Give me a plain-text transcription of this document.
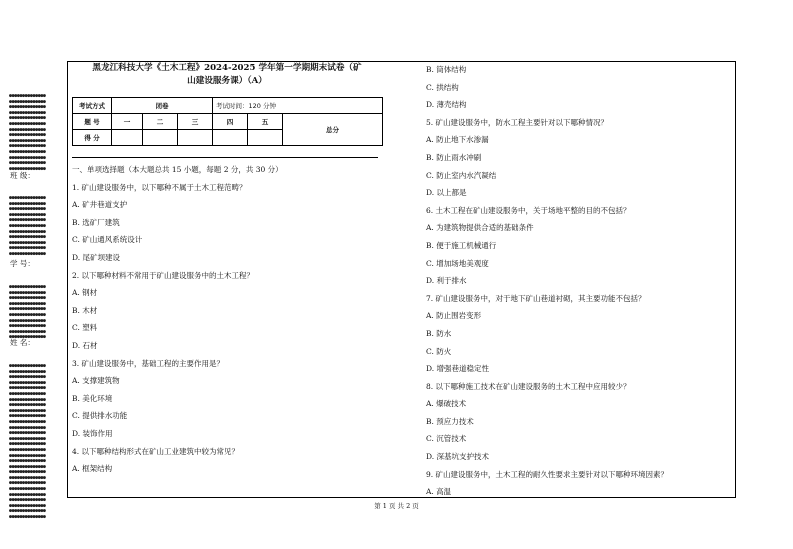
●●●●●●●●●●●●●●
●●●●●●●●●●●●●●
●●●●●●●●●●●●●●
●●●●●●●●●●●●●●
●●●●●●●●●●●●●●
●●●●●●●●●●●●●●
●●●●●●●●●●●●●●
●●●●●●●●●●●●●●
●●●●●●●●●●●●●●
●●●●●●●●●●●●●●
●●●●●●●●●●●●●●
●●●●●●●●●●●●●●
●●●●●●●●●●●●●●
●●●●●●●●●●●●●●
班 级：
●●●●●●●●●●●●●●
●●●●●●●●●●●●●●
●●●●●●●●●●●●●●
●●●●●●●●●●●●●●
●●●●●●●●●●●●●●
●●●●●●●●●●●●●●
●●●●●●●●●●●●●●
●●●●●●●●●●●●●●
●●●●●●●●●●●●●●
●●●●●●●●●●●●●●
●●●●●●●●●●●●●●
学 号：
●●●●●●●●●●●●●●
●●●●●●●●●●●●●●
●●●●●●●●●●●●●●
●●●●●●●●●●●●●●
●●●●●●●●●●●●●●
●●●●●●●●●●●●●●
●●●●●●●●●●●●●●
●●●●●●●●●●●●●●
●●●●●●●●●●●●●●
●●●●●●●●●●●●●●
姓 名：
●●●●●●●●●●●●●●
●●●●●●●●●●●●●●
●●●●●●●●●●●●●●
●●●●●●●●●●●●●●
●●●●●●●●●●●●●●
●●●●●●●●●●●●●●
●●●●●●●●●●●●●●
●●●●●●●●●●●●●●
●●●●●●●●●●●●●●
●●●●●●●●●●●●●●
●●●●●●●●●●●●●●
●●●●●●●●●●●●●●
●●●●●●●●●●●●●●
●●●●●●●●●●●●●●
●●●●●●●●●●●●●●
●●●●●●●●●●●●●●
●●●●●●●●●●●●●●
●●●●●●●●●●●●●●
●●●●●●●●●●●●●●
●●●●●●●●●●●●●●
●●●●●●●●●●●●●●
●●●●●●●●●●●●●●
●●●●●●●●●●●●●●
●●●●●●●●●●●●●●
●●●●●●●●●●●●●●
●●●●●●●●●●●●●●
●●●●●●●●●●●●●●
●●●●●●●●●●●●●●
黑龙江科技大学《土木工程》2024-2025 学年第一学期期末试卷（矿
山建设服务课）（A）
考试方式	闭卷			考试时间：120 分钟		
题 号	一	二	三	四	五	总分
得 分						
一、单项选择题（本大题总共 15 小题，每题 2 分，共 30 分）
1. 矿山建设服务中，以下哪种不属于土木工程范畴？
A. 矿井巷道支护
B. 选矿厂建筑
C. 矿山通风系统设计
D. 尾矿坝建设
2. 以下哪种材料不常用于矿山建设服务中的土木工程？
A. 钢材
B. 木材
C. 塑料
D. 石材
3. 矿山建设服务中，基础工程的主要作用是？
A. 支撑建筑物
B. 美化环境
C. 提供排水功能
D. 装饰作用
4. 以下哪种结构形式在矿山工业建筑中较为常见？
A. 框架结构
B. 筒体结构
C. 拱结构
D. 薄壳结构
5. 矿山建设服务中，防水工程主要针对以下哪种情况？
A. 防止地下水渗漏
B. 防止雨水冲刷
C. 防止室内水汽凝结
D. 以上都是
6. 土木工程在矿山建设服务中，关于场地平整的目的不包括？
A. 为建筑物提供合适的基础条件
B. 便于施工机械通行
C. 增加场地美观度
D. 利于排水
7. 矿山建设服务中，对于地下矿山巷道衬砌，其主要功能不包括？
A. 防止围岩变形
B. 防水
C. 防火
D. 增强巷道稳定性
8. 以下哪种施工技术在矿山建设服务的土木工程中应用较少？
A. 爆破技术
B. 预应力技术
C. 沉管技术
D. 深基坑支护技术
9. 矿山建设服务中，土木工程的耐久性要求主要针对以下哪种环境因素？
A. 高温
第 1 页 共 2 页
